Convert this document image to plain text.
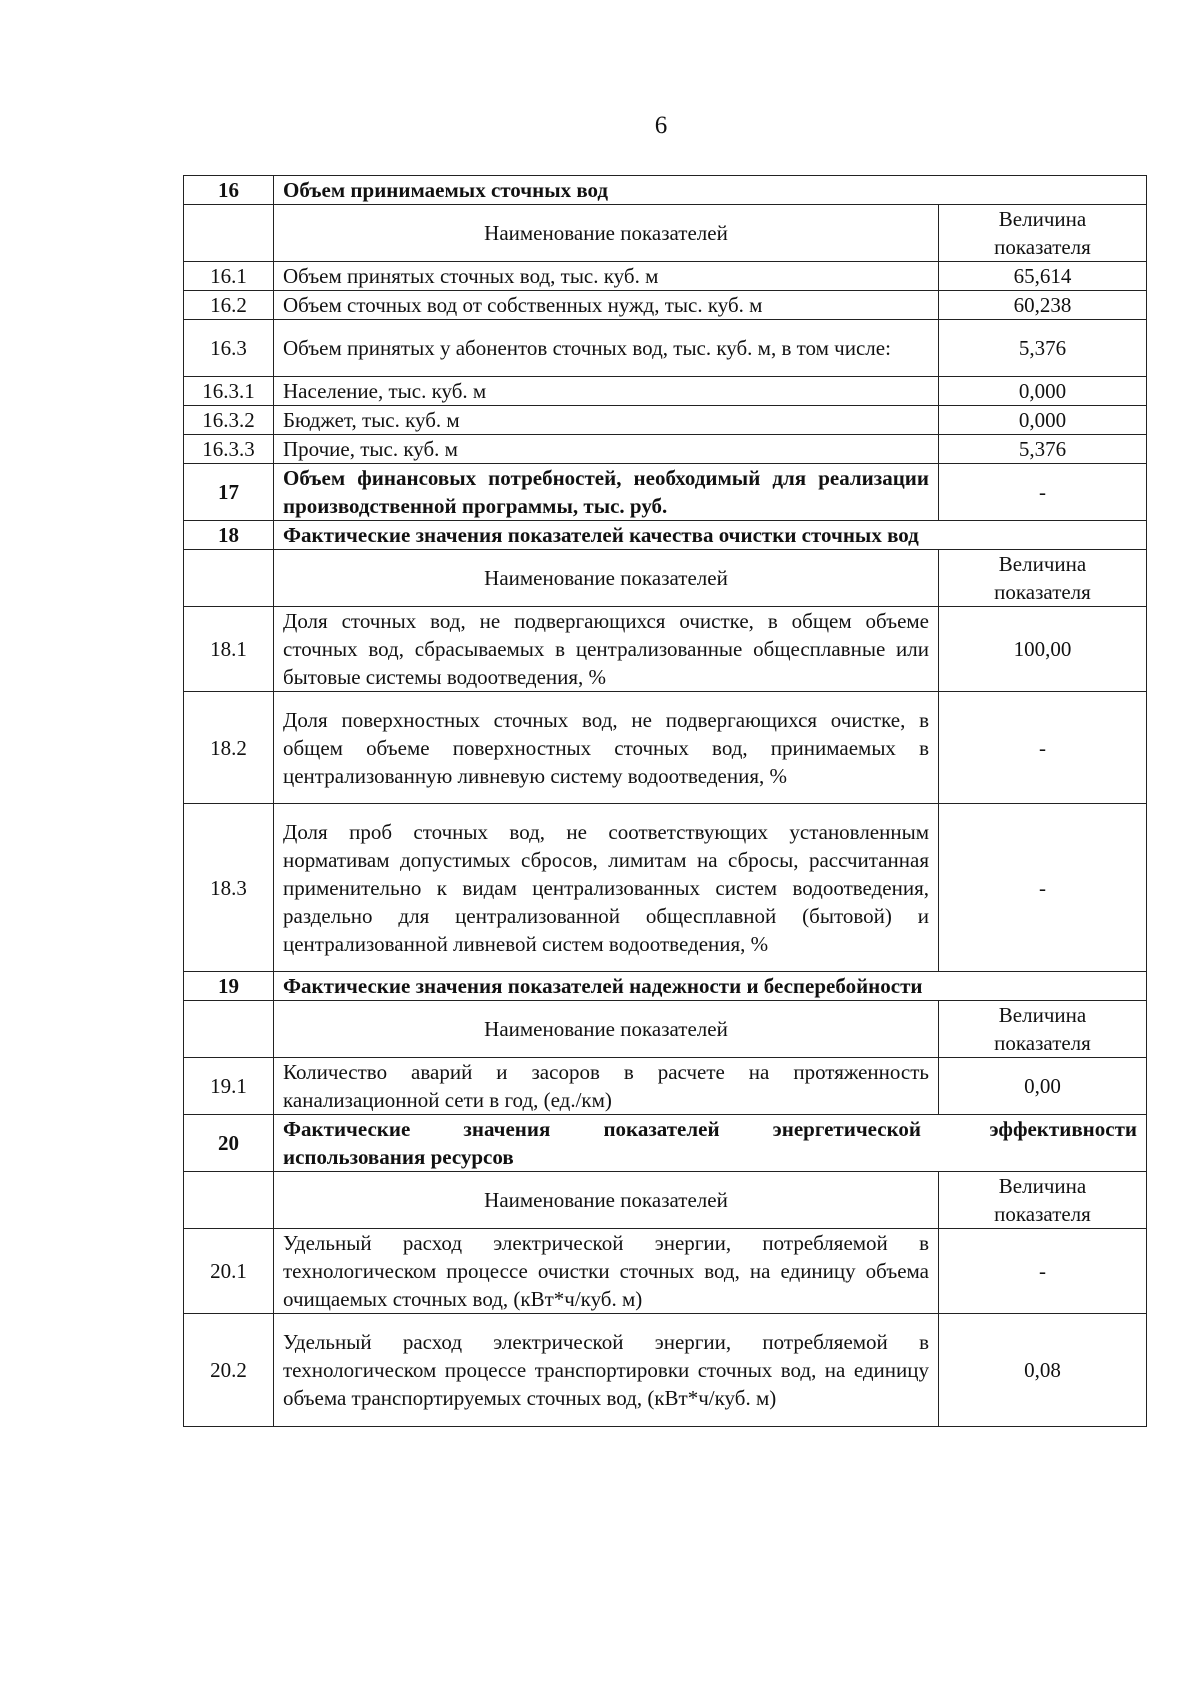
6
16	Объем принимаемых сточных вод	
	Наименование показателей	Величина показателя
16.1	Объем принятых сточных вод, тыс. куб. м	65,614
16.2	Объем сточных вод от собственных нужд, тыс. куб. м	60,238
16.3	Объем принятых у абонентов сточных вод, тыс. куб. м, в том числе:	5,376
16.3.1	Население, тыс. куб. м	0,000
16.3.2	Бюджет, тыс. куб. м	0,000
16.3.3	Прочие, тыс. куб. м	5,376
17	Объем финансовых потребностей, необходимый для реализации производственной программы, тыс. руб.	-
18	Фактические значения показателей качества очистки сточных вод	
	Наименование показателей	Величина показателя
18.1	Доля сточных вод, не подвергающихся очистке, в общем объеме сточных вод, сбрасываемых в централизованные общесплавные или бытовые системы водоотведения, %	100,00
18.2	Доля поверхностных сточных вод, не подвергающихся очистке, в общем объеме поверхностных сточных вод, принимаемых в централизованную ливневую систему водоотведения, %	-
18.3	Доля проб сточных вод, не соответствующих установленным нормативам допустимых сбросов, лимитам на сбросы, рассчитанная применительно к видам централизованных систем водоотведения, раздельно для централизованной общесплавной (бытовой) и централизованной ливневой систем водоотведения, %	-
19	Фактические значения показателей надежности и бесперебойности	
	Наименование показателей	Величина показателя
19.1	Количество аварий и засоров в расчете на протяженность канализационной сети в год, (ед./км)	0,00
20	Фактические значения показателей энергетической эффективности
использования ресурсов	

	Наименование показателей	Величина показателя
20.1	Удельный расход электрической энергии, потребляемой в технологическом процессе очистки сточных вод, на единицу объема очищаемых сточных вод, (кВт*ч/куб. м)	-
20.2	Удельный расход электрической энергии, потребляемой в технологическом процессе транспортировки сточных вод, на единицу объема транспортируемых сточных вод, (кВт*ч/куб. м)	0,08
